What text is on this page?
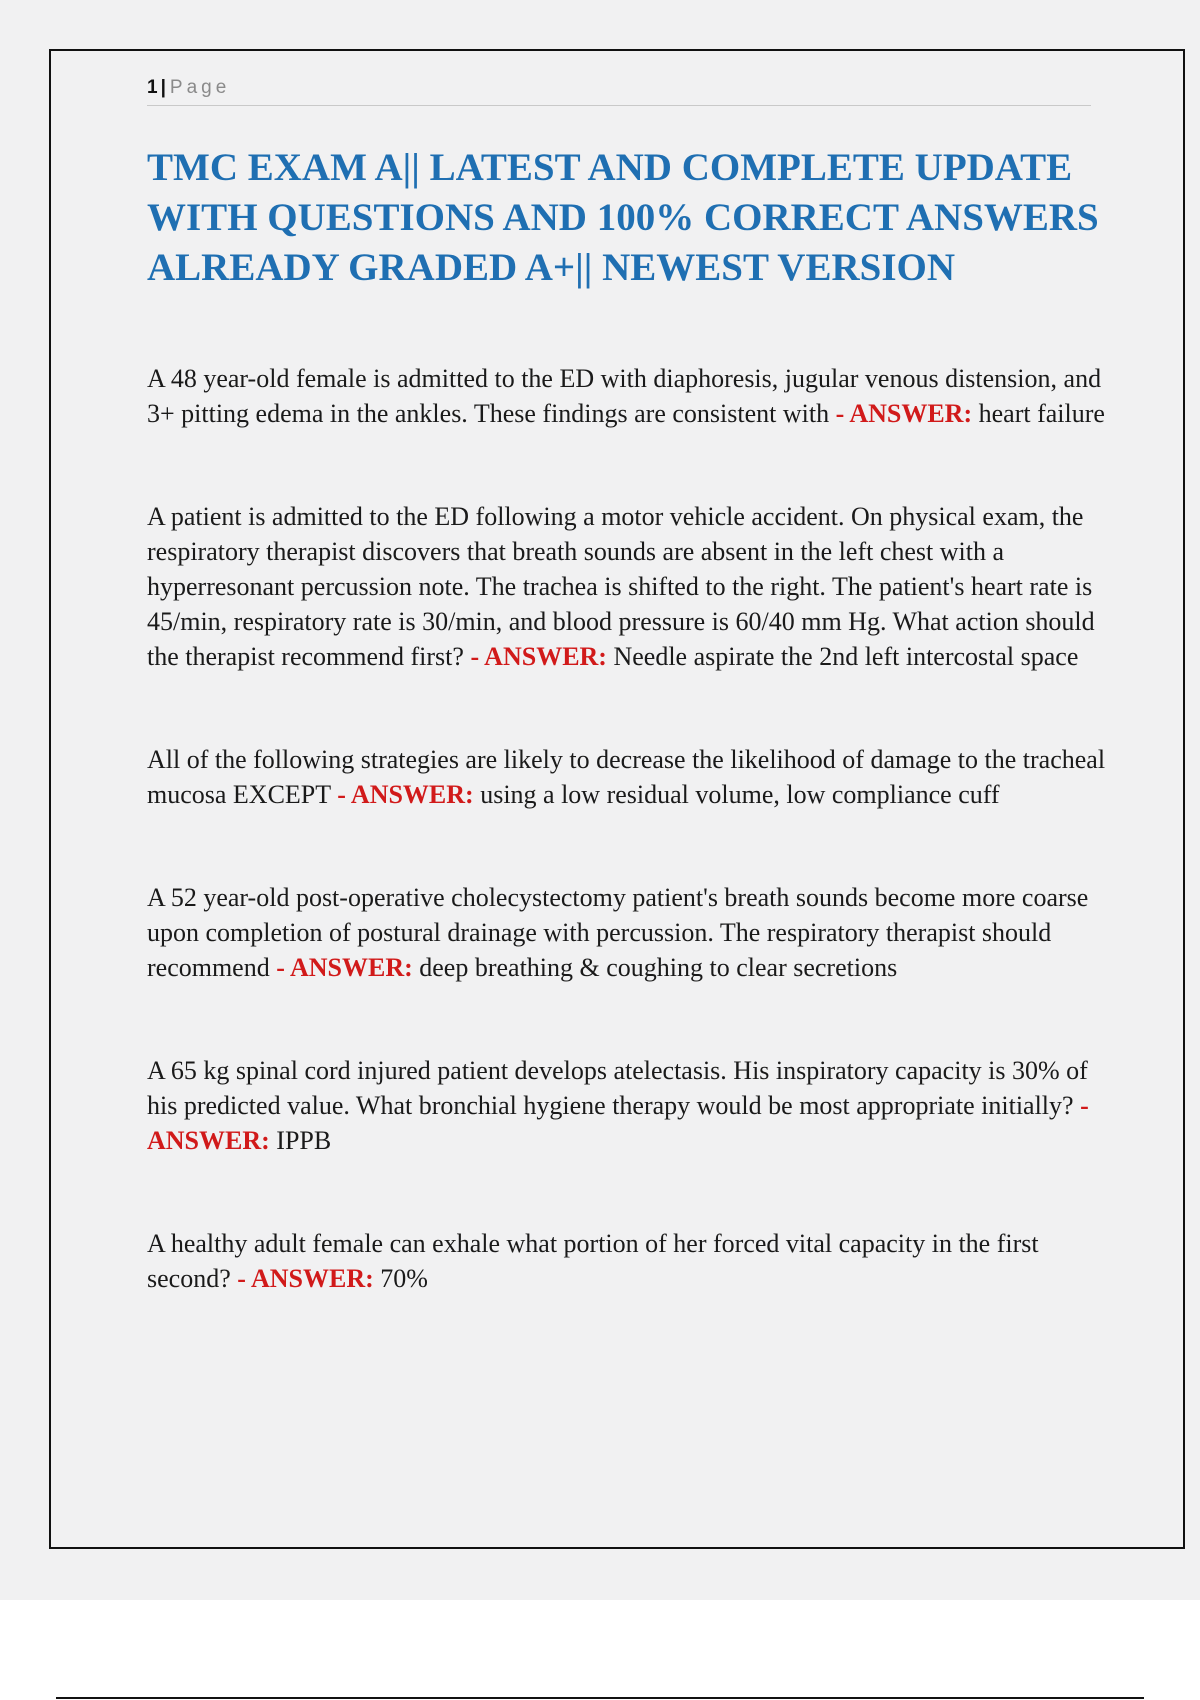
1 | Page
TMC EXAM A|| LATEST AND COMPLETE UPDATE WITH QUESTIONS AND 100% CORRECT ANSWERS ALREADY GRADED A+|| NEWEST VERSION

A 48 year-old female is admitted to the ED with diaphoresis, jugular venous distension, and 3+ pitting edema in the ankles. These findings are consistent with - ANSWER: heart failure

A patient is admitted to the ED following a motor vehicle accident. On physical exam, the respiratory therapist discovers that breath sounds are absent in the left chest with a hyperresonant percussion note. The trachea is shifted to the right. The patient's heart rate is 45/min, respiratory rate is 30/min, and blood pressure is 60/40 mm Hg. What action should the therapist recommend first? - ANSWER: Needle aspirate the 2nd left intercostal space

All of the following strategies are likely to decrease the likelihood of damage to the tracheal mucosa EXCEPT - ANSWER: using a low residual volume, low compliance cuff

A 52 year-old post-operative cholecystectomy patient's breath sounds become more coarse upon completion of postural drainage with percussion. The respiratory therapist should recommend - ANSWER: deep breathing & coughing to clear secretions

A 65 kg spinal cord injured patient develops atelectasis. His inspiratory capacity is 30% of his predicted value. What bronchial hygiene therapy would be most appropriate initially? - ANSWER: IPPB

A healthy adult female can exhale what portion of her forced vital capacity in the first second? - ANSWER: 70%
